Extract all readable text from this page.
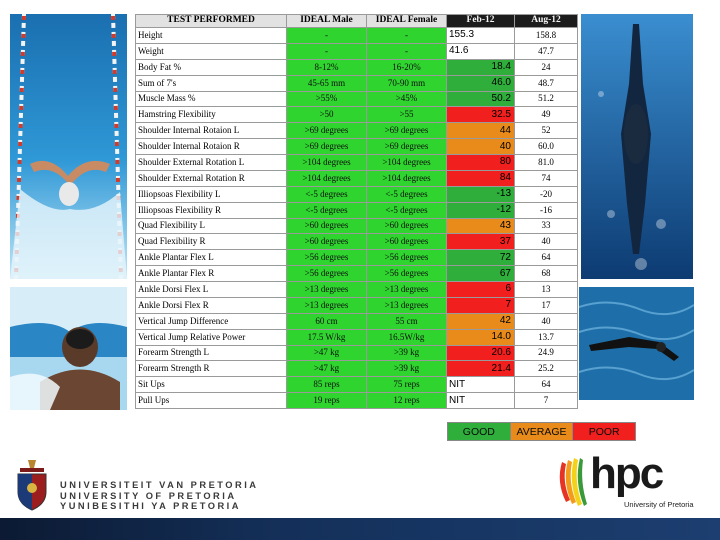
TEST PERFORMED	IDEAL Male	IDEAL Female	Feb-12	Aug-12
Height	-	-	155.3	158.8
Weight	-	-	41.6	47.7
Body Fat %	8-12%	16-20%	18.4	24
Sum of 7's	45-65 mm	70-90 mm	46.0	48.7
Muscle Mass %	>55%	>45%	50.2	51.2
Hamstring Flexibility	>50	>55	32.5	49
Shoulder Internal Rotaion L	>69 degrees	>69 degrees	44	52
Shoulder Internal Rotaion R	>69 degrees	>69 degrees	40	60.0
Shoulder External Rotation L	>104 degrees	>104 degrees	80	81.0
Shoulder External Rotation R	>104 degrees	>104 degrees	84	74
Illiopsoas Flexibility L	<-5 degrees	<-5 degrees	-13	-20
Illiopsoas Flexibility R	<-5 degrees	<-5 degrees	-12	-16
Quad Flexibility L	>60 degrees	>60 degrees	43	33
Quad Flexibility R	>60 degrees	>60 degrees	37	40
Ankle Plantar Flex L	>56 degrees	>56 degrees	72	64
Ankle Plantar Flex R	>56 degrees	>56 degrees	67	68
Ankle Dorsi Flex L	>13 degrees	>13 degrees	6	13
Ankle Dorsi Flex R	>13 degrees	>13 degrees	7	17
Vertical Jump Difference	60 cm	55 cm	42	40
Vertical Jump Relative Power	17.5 W/kg	16.5W/kg	14.0	13.7
Forearm Strength L	>47 kg	>39 kg	20.6	24.9
Forearm Strength R	>47 kg	>39 kg	21.4	25.2
Sit Ups	85 reps	75 reps	NIT	64
Pull Ups	19 reps	12 reps	NIT	7
GOOD	AVERAGE	POOR
UNIVERSITEIT VAN PRETORIA
UNIVERSITY OF PRETORIA
YUNIBESITHI YA PRETORIA
hpc
University of Pretoria
